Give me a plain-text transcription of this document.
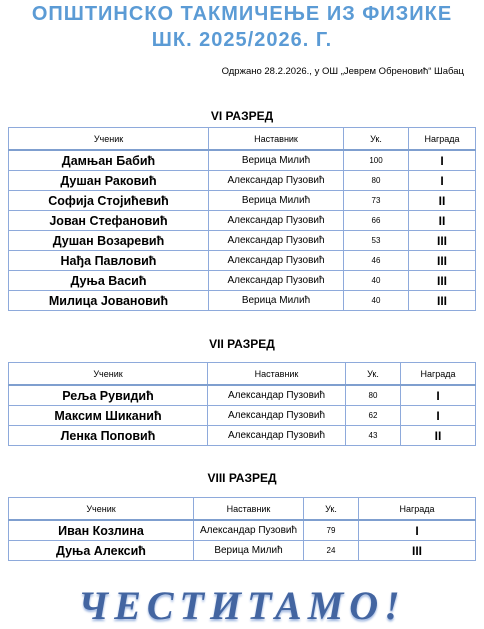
ОПШТИНСКО ТАКМИЧЕЊЕ ИЗ ФИЗИКЕ
ШК. 2025/2026. Г.
Одржано 28.2.2026., у ОШ „Јеврем Обреновић“ Шабац
VI РАЗРЕД
Ученик	Наставник	Ук.	Награда
Дамњан Бабић	Верица Милић	100	I
Душан Раковић	Александар Пузовић	80	I
Софија Стојићевић	Верица Милић	73	II
Јован Стефановић	Александар Пузовић	66	II
Душан Возаревић	Александар Пузовић	53	III
Нађа Павловић	Александар Пузовић	46	III
Дуња Васић	Александар Пузовић	40	III
Милица Јовановић	Верица Милић	40	III
VII РАЗРЕД
Ученик	Наставник	Ук.	Награда
Реља Рувидић	Александар Пузовић	80	I
Максим Шиканић	Александар Пузовић	62	I
Ленка Поповић	Александар Пузовић	43	II
VIII РАЗРЕД
Ученик	Наставник	Ук.	Награда
Иван Козлина	Александар Пузовић	79	I
Дуња Алексић	Верица Милић	24	III
ЧЕСТИТАМО!
